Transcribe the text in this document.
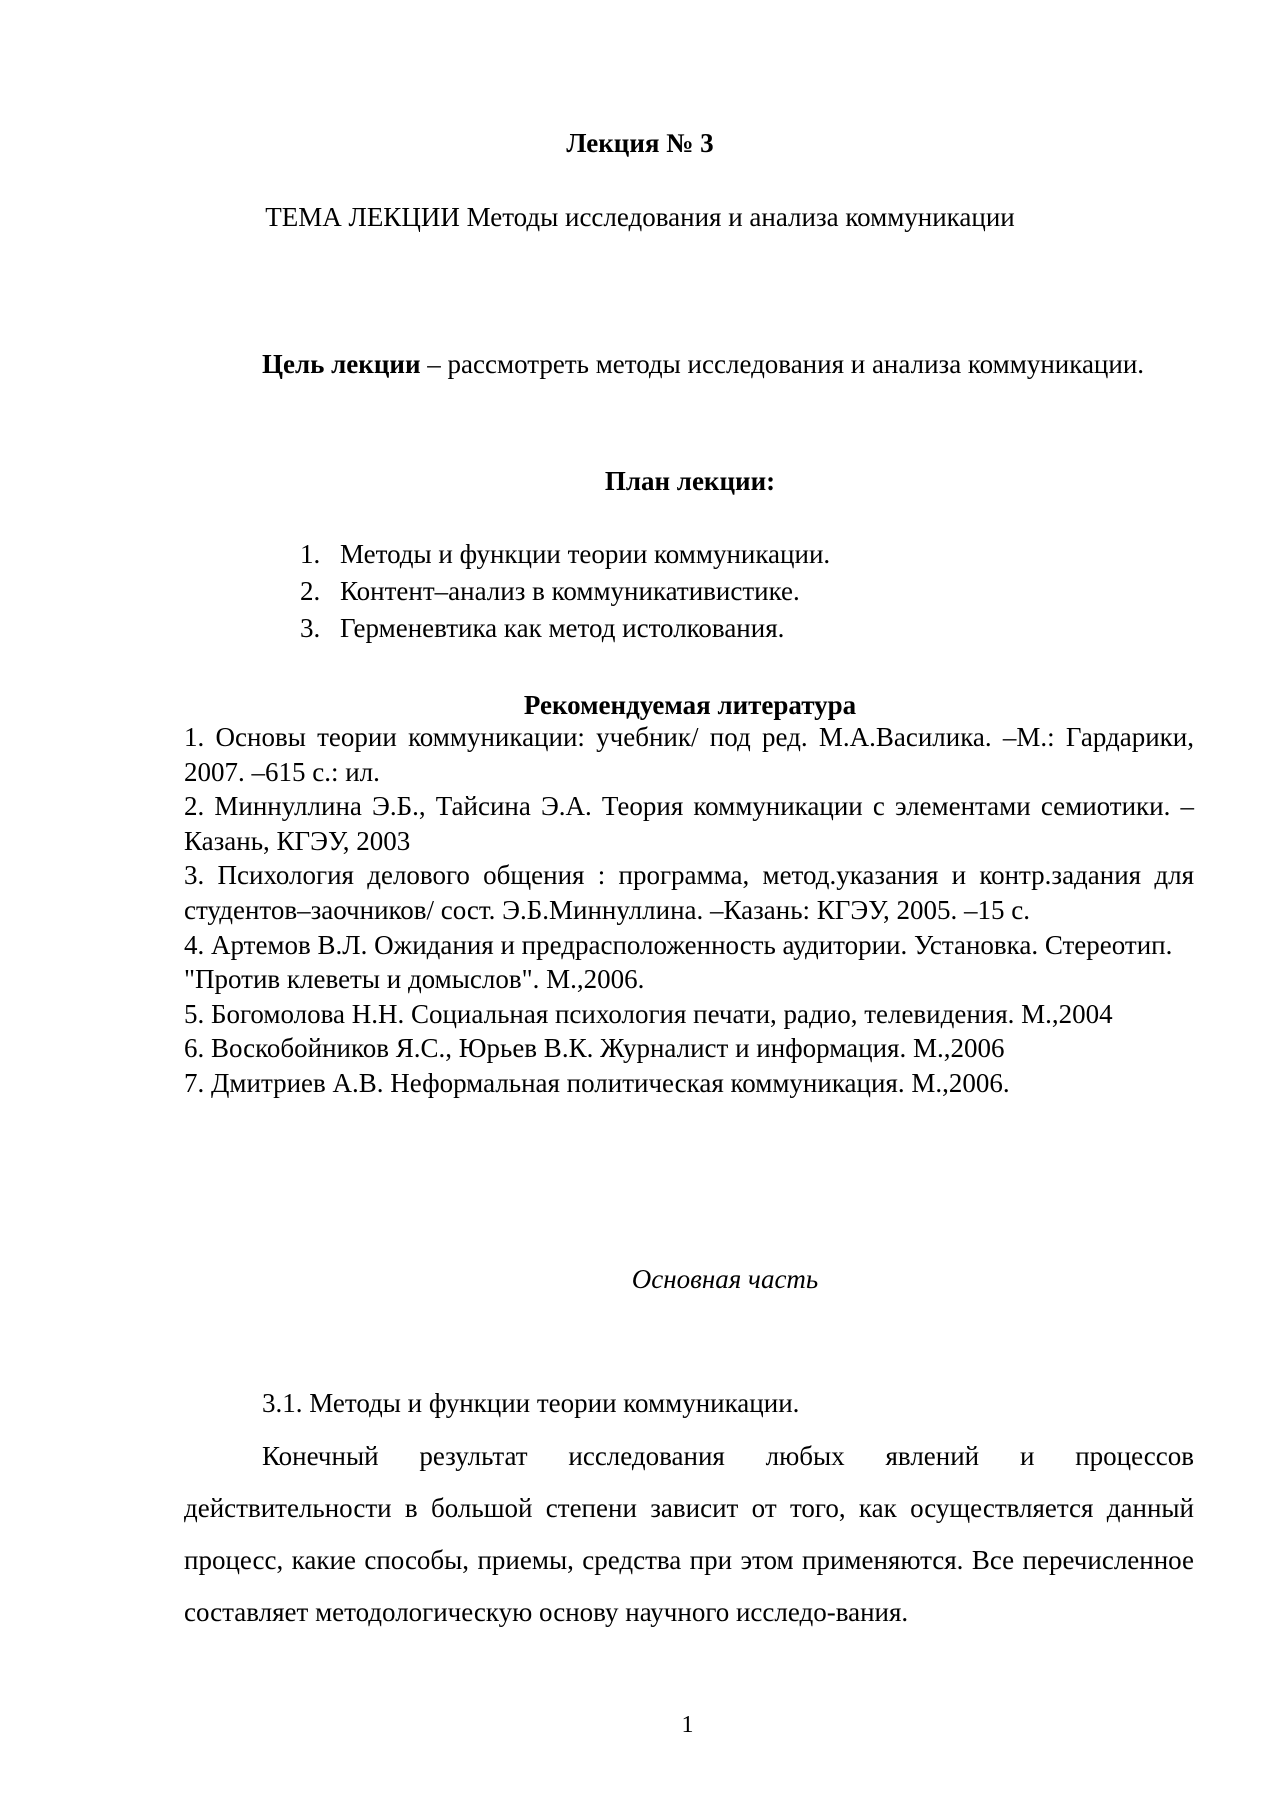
Лекция № 3

ТЕМА ЛЕКЦИИ Методы исследования и анализа коммуникации

Цель лекции – рассмотреть методы исследования и анализа коммуникации.

План лекции:

1. Методы и функции теории коммуникации.
2. Контент–анализ в коммуникативистике.
3. Герменевтика как метод истолкования.

Рекомендуемая литература

1. Основы теории коммуникации: учебник/ под ред. М.А.Василика. –М.: Гардарики, 2007. –615 с.: ил.
2. Миннуллина Э.Б., Тайсина Э.А. Теория коммуникации с элементами семиотики. – Казань, КГЭУ, 2003
3. Психология делового общения : программа, метод.указания и контр.задания для студентов–заочников/ сост. Э.Б.Миннуллина. –Казань: КГЭУ, 2005. –15 с.
4. Артемов В.Л. Ожидания и предрасположенность аудитории. Установка. Стереотип. "Против клеветы и домыслов". М.,2006.
5. Богомолова Н.Н. Социальная психология печати, радио, телевидения. М.,2004
6. Воскобойников Я.С., Юрьев В.К. Журналист и информация. М.,2006
7. Дмитриев А.В. Неформальная политическая коммуникация. М.,2006.

Основная часть

3.1. Методы и функции теории коммуникации.

Конечный результат исследования любых явлений и процессов действительности в большой степени зависит от того, как осуществляется данный процесс, какие способы, приемы, средства при этом применяются. Все перечисленное составляет методологическую основу научного исследо-вания.

1
